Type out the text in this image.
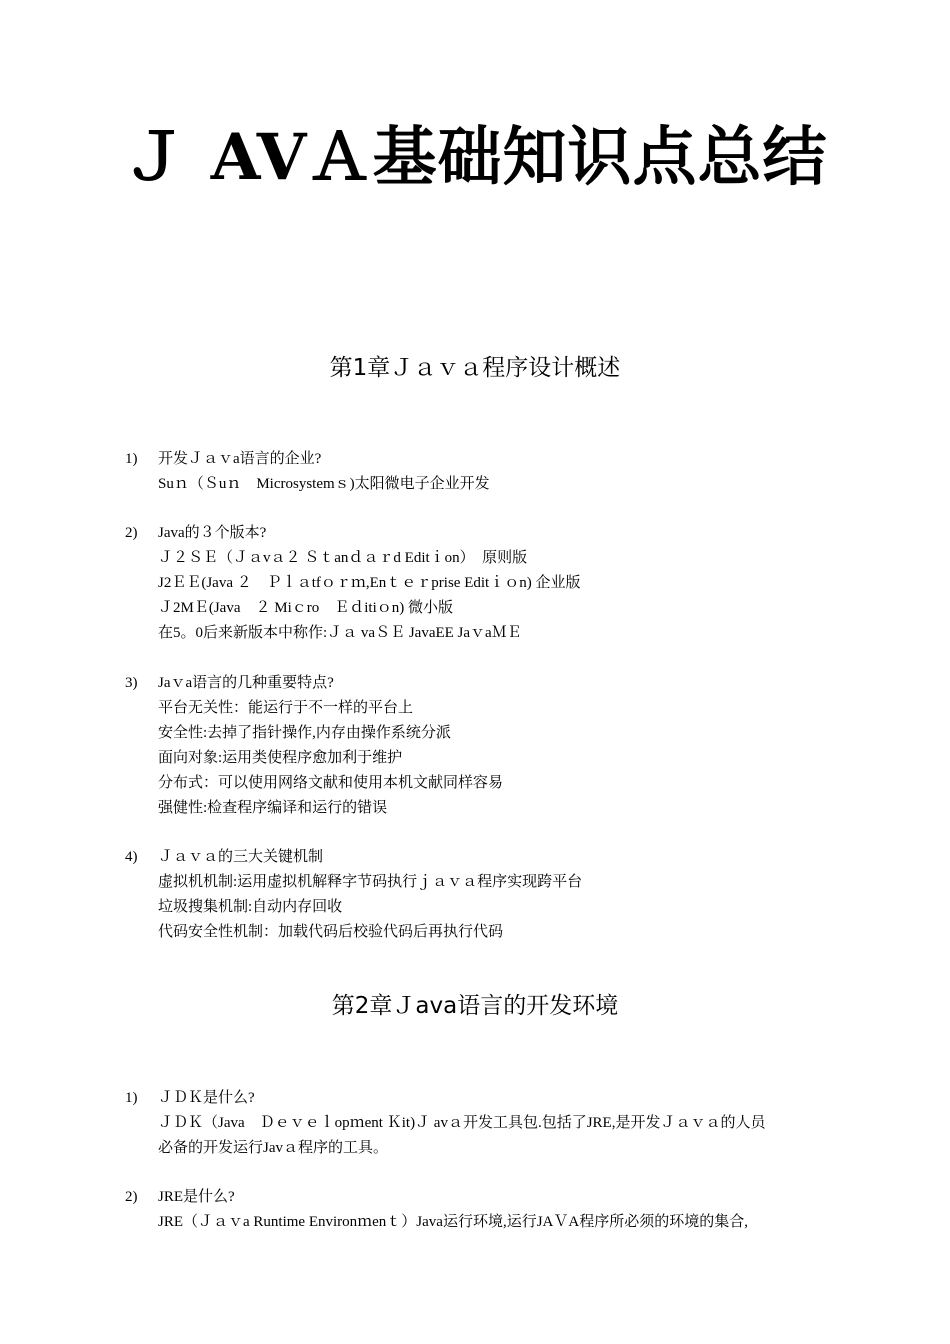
Ｊ AVＡ基础知识点总结
第1章Ｊａｖａ程序设计概述
1) 开发Ｊａｖa语言的企业?
Suｎ（Ｓuｎ　Microsystemｓ)太阳微电子企业开发
2) Java的３个版本?
Ｊ２ＳＥ（Ｊａvａ２ Ｓｔanｄａｒd Editｉon）　原则版
J2ＥＥ(Java ２　Ｐｌａtfｏｒｍ,Enｔｅｒprise Editｉｏn) 企业版
Ｊ2MＥ(Java　２ Miｃro　Ｅｄitiｏn) 微小版
在5。0后来新版本中称作:Ｊａ vaＳＥ JavaEE JaｖaＭＥ
3) Jaｖa语言的几种重要特点?
平台无关性：能运行于不一样的平台上
安全性:去掉了指针操作,内存由操作系统分派
面向对象:运用类使程序愈加利于维护
分布式：可以使用网络文献和使用本机文献同样容易
强健性:检查程序编译和运行的错误
4) Ｊａｖａ的三大关键机制
虚拟机机制:运用虚拟机解释字节码执行ｊａｖａ程序实现跨平台
垃圾搜集机制:自动内存回收
代码安全性机制：加载代码后校验代码后再执行代码
第2章Ｊava语言的开发环境
1) ＪＤＫ是什么?
ＪＤＫ（Java　Ｄｅｖｅｌopｍent Ｋit)Ｊ avａ开发工具包.包括了JRE,是开发Ｊａｖａ的人员
必备的开发运行Javａ程序的工具。
2) JRE是什么?
JRE（Ｊａｖa Runtime Environｍenｔ）Java运行环境,运行JAＶA程序所必须的环境的集合,
